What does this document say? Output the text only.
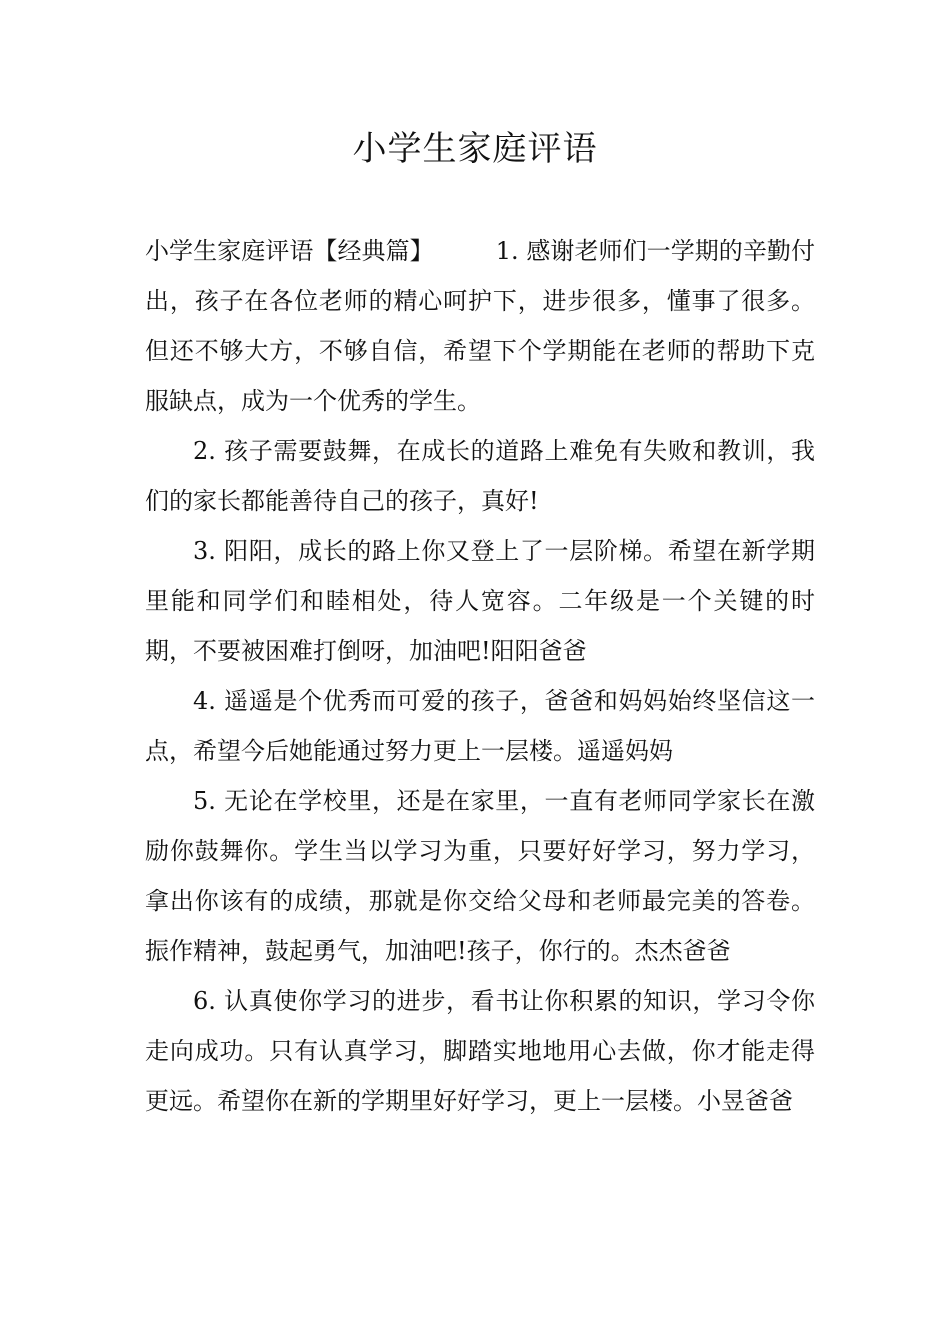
小学生家庭评语

小学生家庭评语【经典篇】	1. 感谢老师们一学期的辛勤付出，孩子在各位老师的精心呵护下，进步很多，懂事了很多。但还不够大方，不够自信，希望下个学期能在老师的帮助下克服缺点，成为一个优秀的学生。

2. 孩子需要鼓舞，在成长的道路上难免有失败和教训，我们的家长都能善待自己的孩子，真好!

3. 阳阳，成长的路上你又登上了一层阶梯。希望在新学期里能和同学们和睦相处，待人宽容。二年级是一个关键的时期，不要被困难打倒呀，加油吧!阳阳爸爸

4. 遥遥是个优秀而可爱的孩子，爸爸和妈妈始终坚信这一点，希望今后她能通过努力更上一层楼。遥遥妈妈

5. 无论在学校里，还是在家里，一直有老师同学家长在激励你鼓舞你。学生当以学习为重，只要好好学习，努力学习，拿出你该有的成绩，那就是你交给父母和老师最完美的答卷。振作精神，鼓起勇气，加油吧!孩子，你行的。杰杰爸爸

6. 认真使你学习的进步，看书让你积累的知识，学习令你走向成功。只有认真学习，脚踏实地地用心去做，你才能走得更远。希望你在新的学期里好好学习，更上一层楼。小昱爸爸
